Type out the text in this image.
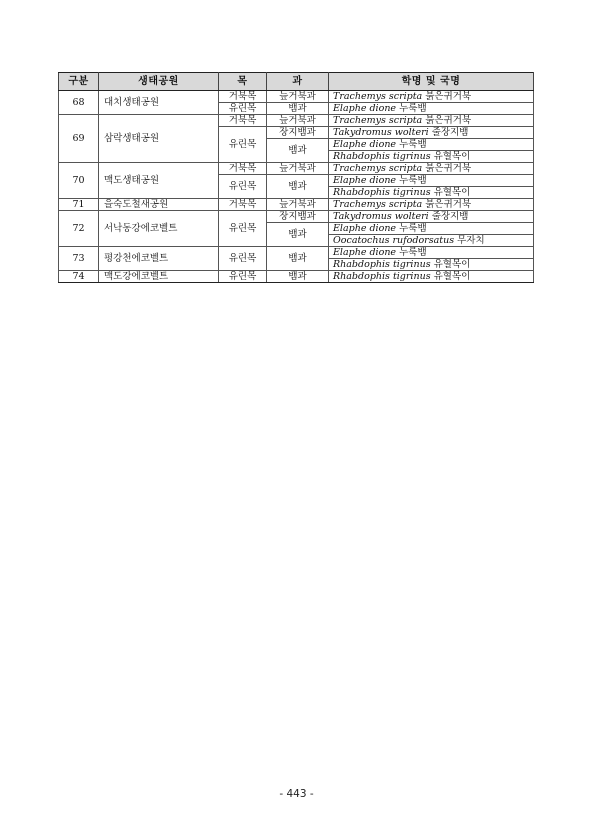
구분	생태공원	목	과	학명 및 국명
68	대치생태공원	거북목	늪거북과	Trachemys scripta 붉은귀거북
		유린목	뱀과	Elaphe dione 누룩뱀
69	삼락생태공원	거북목	늪거북과	Trachemys scripta 붉은귀거북
		유린목	장지뱀과	Takydromus wolteri 줄장지뱀
			뱀과	Elaphe dione 누룩뱀
				Rhabdophis tigrinus 유혈목이
70	맥도생태공원	거북목	늪거북과	Trachemys scripta 붉은귀거북
		유린목	뱀과	Elaphe dione 누룩뱀
				Rhabdophis tigrinus 유혈목이
71	을숙도철새공원	거북목	늪거북과	Trachemys scripta 붉은귀거북
72	서낙동강에코벨트	유린목	장지뱀과	Takydromus wolteri 줄장지뱀
			뱀과	Elaphe dione 누룩뱀
				Oocatochus rufodorsatus 무자치
73	평강천에코벨트	유린목	뱀과	Elaphe dione 누룩뱀
				Rhabdophis tigrinus 유혈목이
74	맥도강에코벨트	유린목	뱀과	Rhabdophis tigrinus 유혈목이
- 443 -
